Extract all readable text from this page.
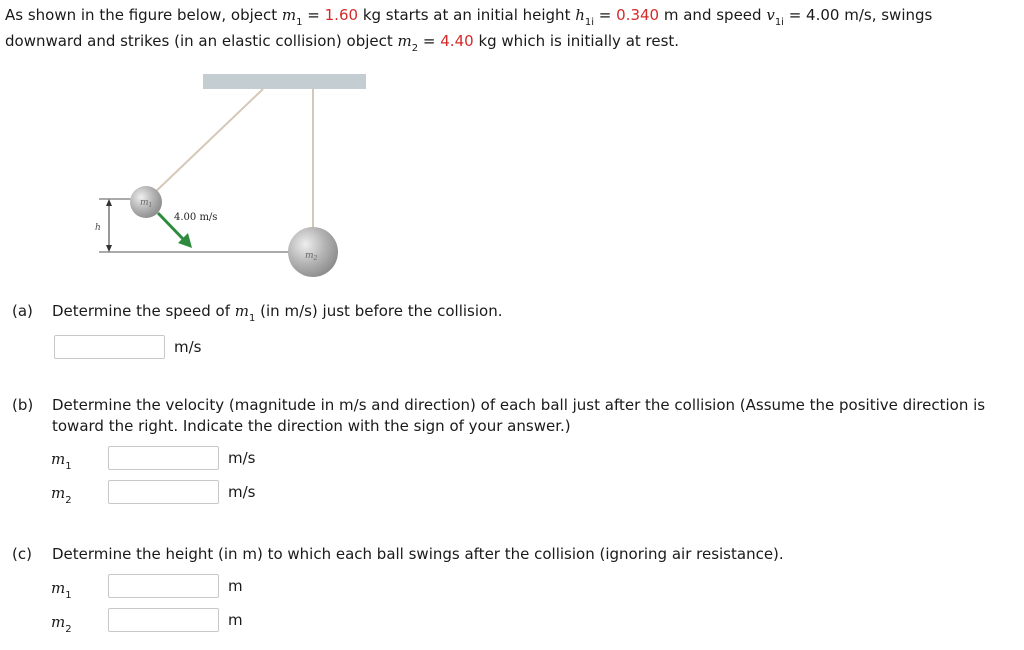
As shown in the figure below, object $m_1 = 1.60$ kg starts at an initial height $h_{1i} = 0.340$ m and speed $v_{1i} = 4.00$ m/s, swings
downward and strikes (in an elastic collision) object $m_2 = 4.40$ kg which is initially at rest.
$m_1$
$m_2$
4.00 m/s
h
(a) Determine the speed of $m_1$ (in m/s) just before the collision.
m/s
(b) Determine the velocity (magnitude in m/s and direction) of each ball just after the collision (Assume the positive direction is
toward the right. Indicate the direction with the sign of your answer.)
$m_1$	m/s
$m_2$	m/s
(c) Determine the height (in m) to which each ball swings after the collision (ignoring air resistance).
$m_1$
m
$m_2$
m
